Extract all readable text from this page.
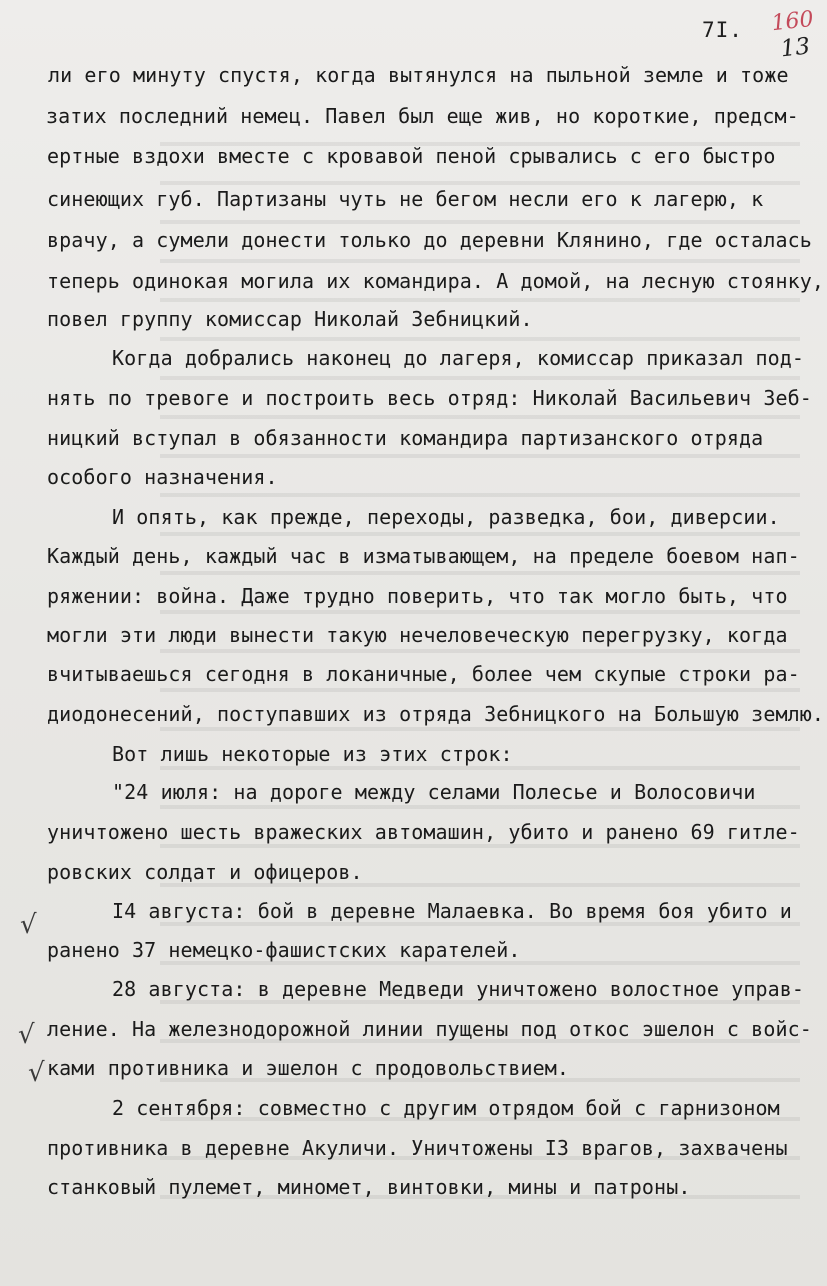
7I. 160
13
√
√
√
ли его минуту спустя, когда вытянулся на пыльной земле и тоже
затих последний немец. Павел был еще жив, но короткие, предсм-
ертные вздохи вместе с кровавой пеной срывались с его быстро
синеющих губ. Партизаны чуть не бегом несли его к лагерю, к
врачу, а сумели донести только до деревни Клянино, где осталась
теперь одинокая могила их командира. А домой, на лесную стоянку,
повел группу комиссар Николай Зебницкий.
Когда добрались наконец до лагеря, комиссар приказал под-
нять по тревоге и построить весь отряд: Николай Васильевич Зеб-
ницкий вступал в обязанности командира партизанского отряда
особого назначения.
И опять, как прежде, переходы, разведка, бои, диверсии.
Каждый день, каждый час в изматывающем, на пределе боевом нап-
ряжении: война. Даже трудно поверить, что так могло быть, что
могли эти люди вынести такую нечеловеческую перегрузку, когда
вчитываешься сегодня в локаничные, более чем скупые строки ра-
диодонесений, поступавших из отряда Зебницкого на Большую землю.
Вот лишь некоторые из этих строк:
"24 июля: на дороге между селами Полесье и Волосовичи
уничтожено шесть вражеских автомашин, убито и ранено 69 гитле-
ровских солдат и офицеров.
I4 августа: бой в деревне Малаевка. Во время боя убито и
ранено 37 немецко-фашистских карателей.
28 августа: в деревне Медведи уничтожено волостное управ-
ление. На железнодорожной линии пущены под откос эшелон с войс-
ками противника и эшелон с продовольствием.
2 сентября: совместно с другим отрядом бой с гарнизоном
противника в деревне Акуличи. Уничтожены I3 врагов, захвачены
станковый пулемет, миномет, винтовки, мины и патроны.
